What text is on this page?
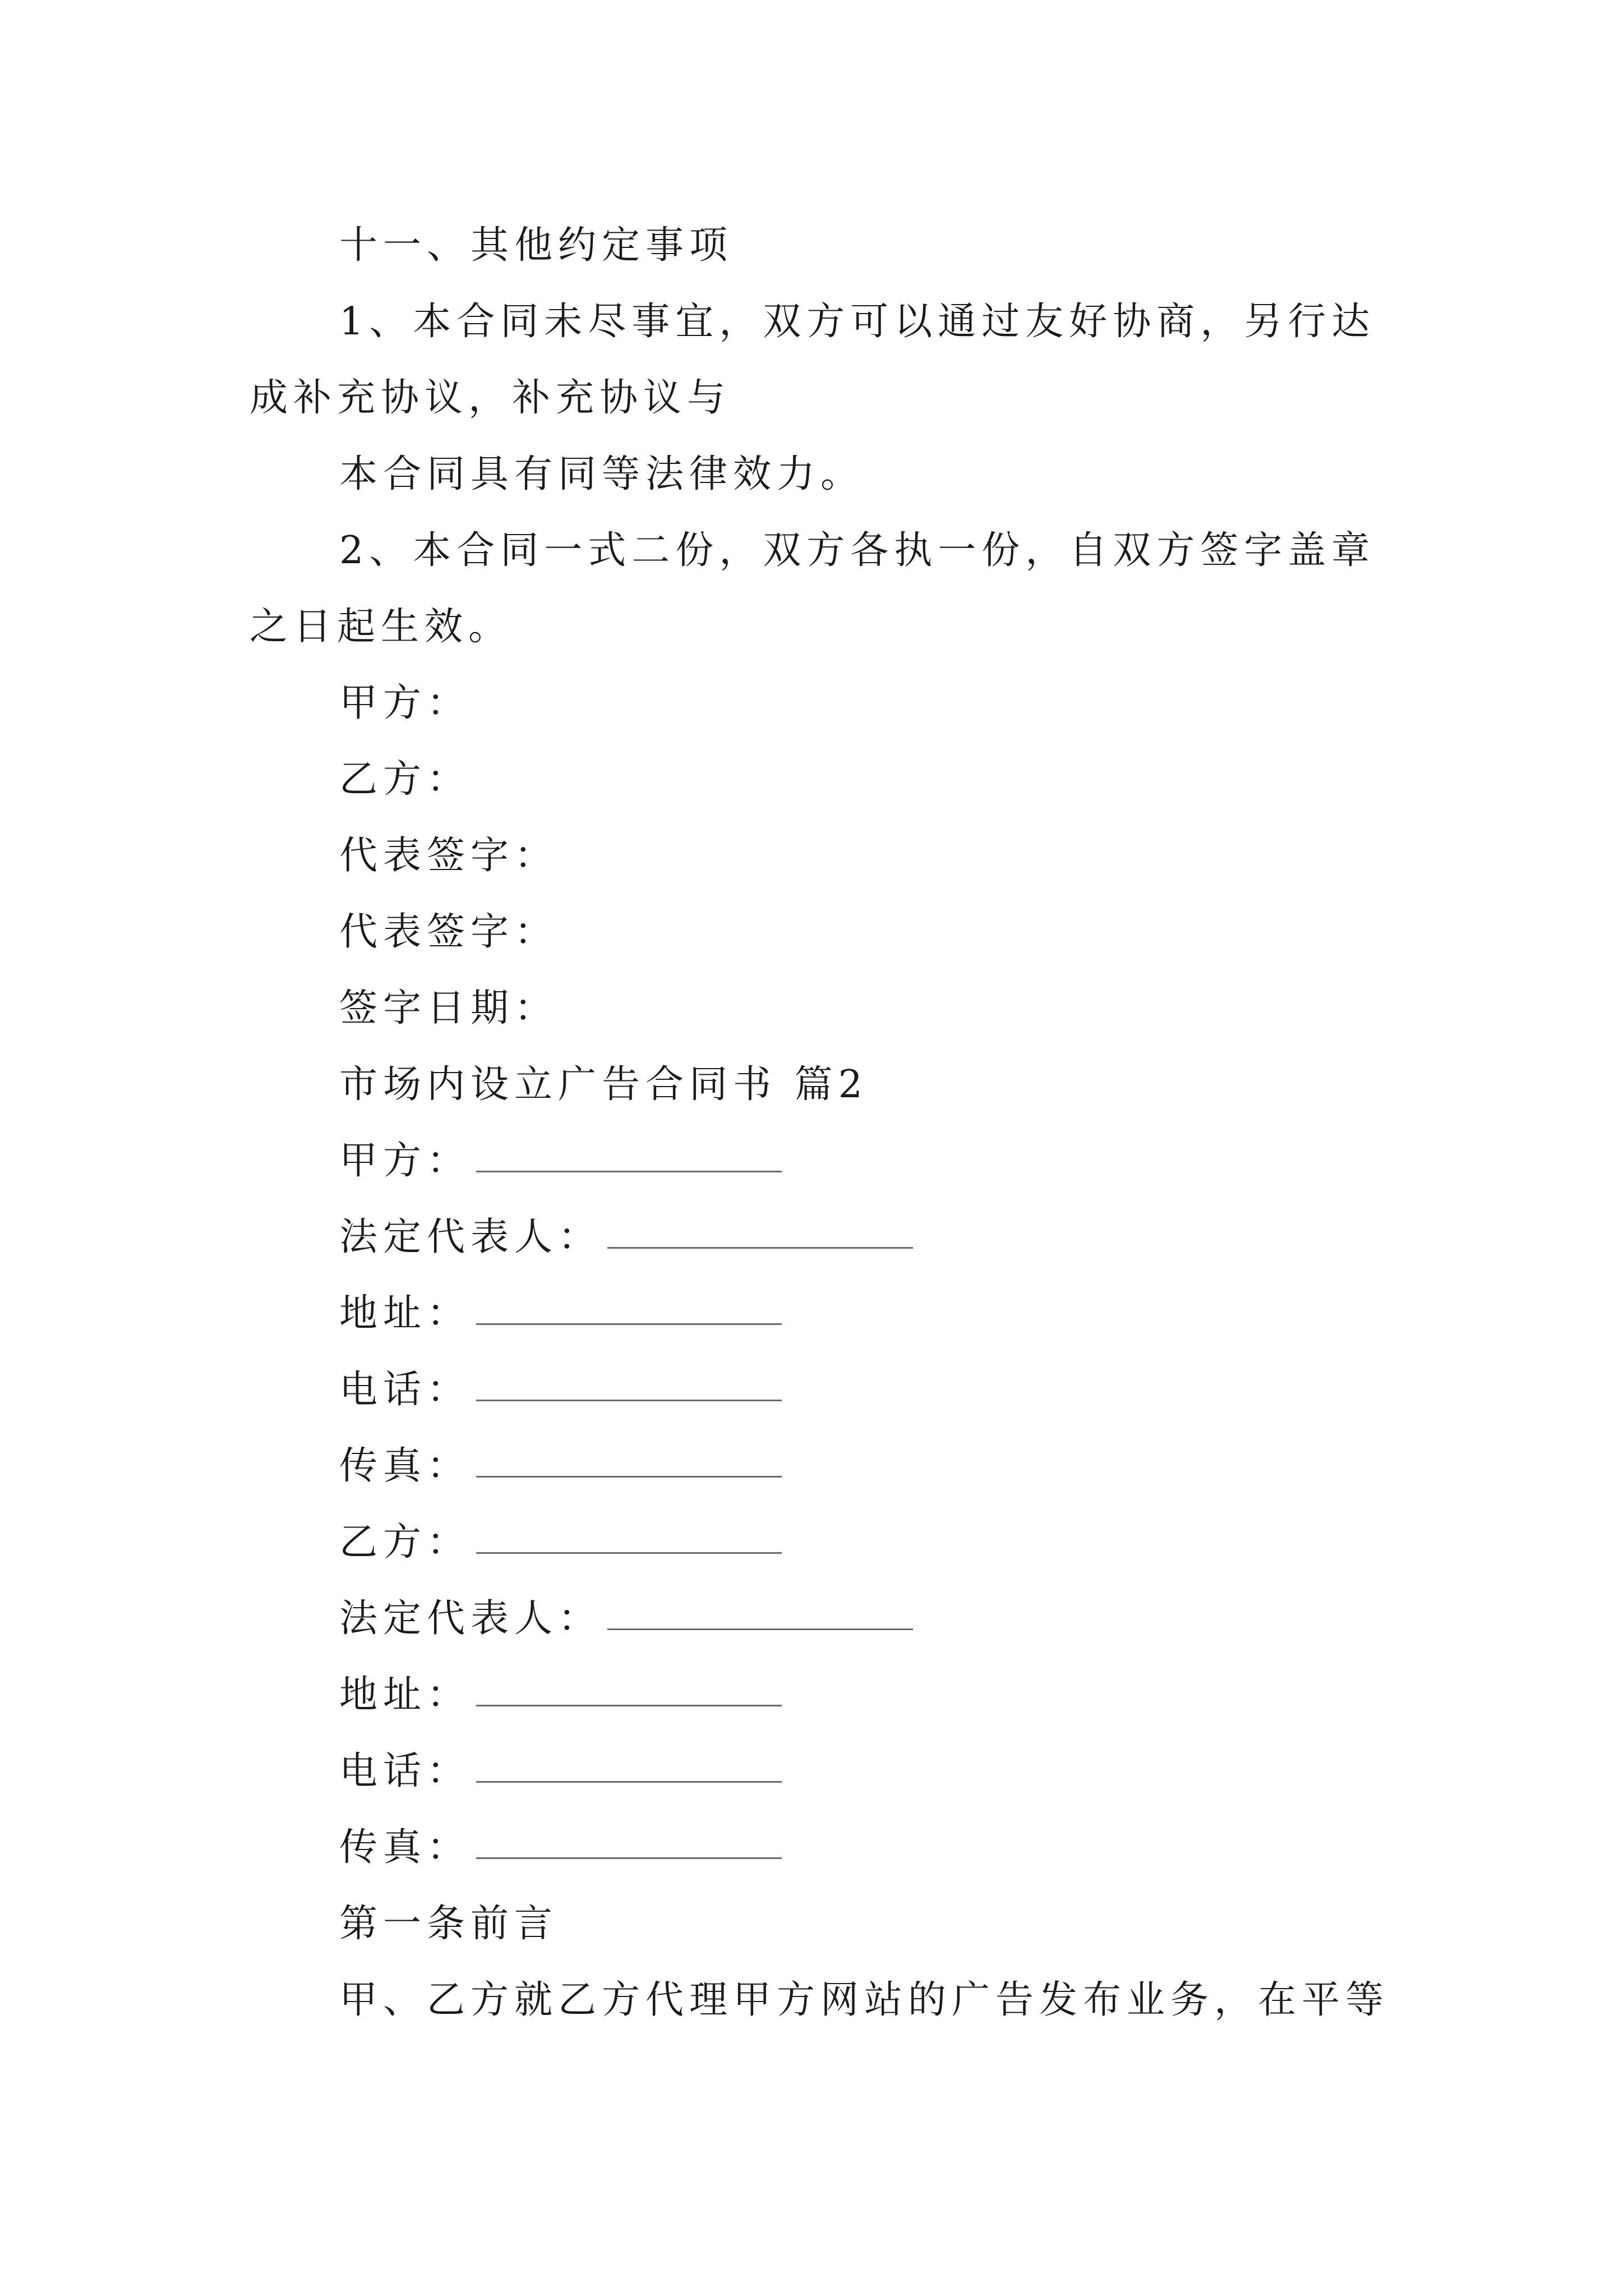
十一、其他约定事项
1、本合同未尽事宜，双方可以通过友好协商，另行达
成补充协议，补充协议与
本合同具有同等法律效力。
2、本合同一式二份，双方各执一份，自双方签字盖章
之日起生效。
甲方：
乙方：
代表签字：
代表签字：
签字日期：
市场内设立广告合同书 篇2
甲方：
法定代表人：
地址：
电话：
传真：
乙方：
法定代表人：
地址：
电话：
传真：
第一条前言
甲、乙方就乙方代理甲方网站的广告发布业务，在平等
